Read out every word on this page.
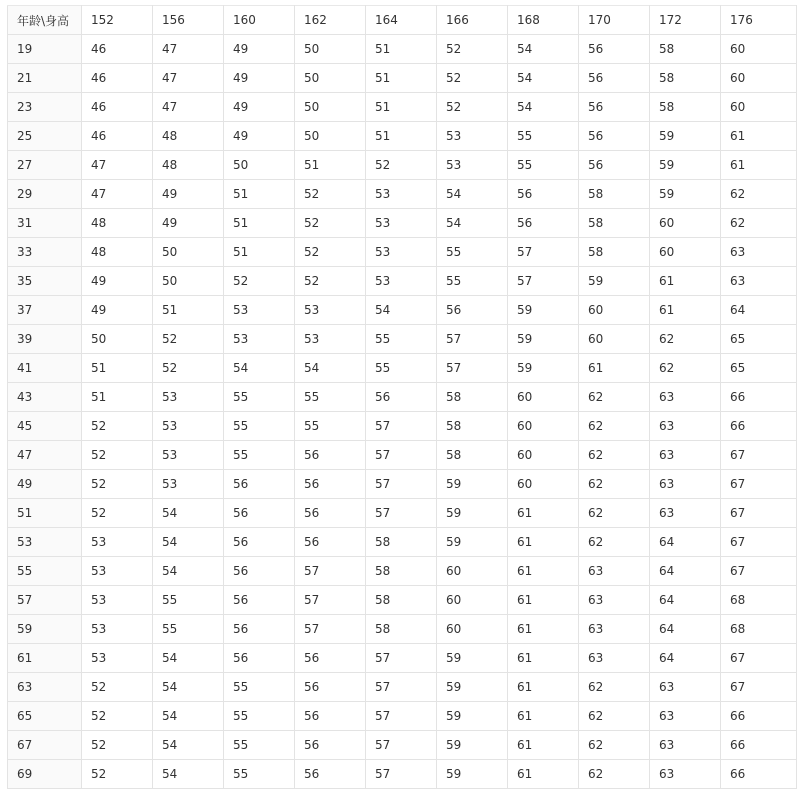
年龄\身高	152	156	160	162	164	166	168	170	172	176
19	46	47	49	50	51	52	54	56	58	60
21	46	47	49	50	51	52	54	56	58	60
23	46	47	49	50	51	52	54	56	58	60
25	46	48	49	50	51	53	55	56	59	61
27	47	48	50	51	52	53	55	56	59	61
29	47	49	51	52	53	54	56	58	59	62
31	48	49	51	52	53	54	56	58	60	62
33	48	50	51	52	53	55	57	58	60	63
35	49	50	52	52	53	55	57	59	61	63
37	49	51	53	53	54	56	59	60	61	64
39	50	52	53	53	55	57	59	60	62	65
41	51	52	54	54	55	57	59	61	62	65
43	51	53	55	55	56	58	60	62	63	66
45	52	53	55	55	57	58	60	62	63	66
47	52	53	55	56	57	58	60	62	63	67
49	52	53	56	56	57	59	60	62	63	67
51	52	54	56	56	57	59	61	62	63	67
53	53	54	56	56	58	59	61	62	64	67
55	53	54	56	57	58	60	61	63	64	67
57	53	55	56	57	58	60	61	63	64	68
59	53	55	56	57	58	60	61	63	64	68
61	53	54	56	56	57	59	61	63	64	67
63	52	54	55	56	57	59	61	62	63	67
65	52	54	55	56	57	59	61	62	63	66
67	52	54	55	56	57	59	61	62	63	66
69	52	54	55	56	57	59	61	62	63	66
